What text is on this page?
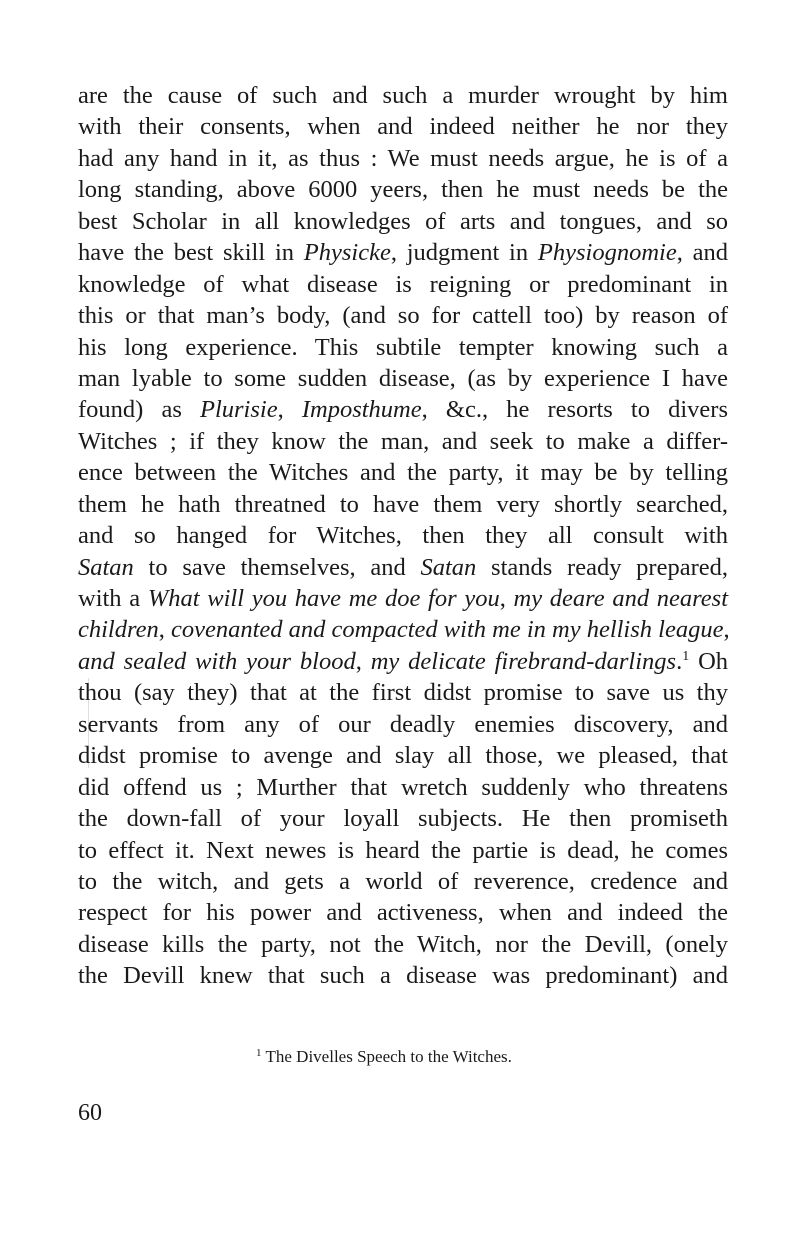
are the cause of such and such a murder wrought by him
with their consents, when and indeed neither he nor they
had any hand in it, as thus : We must needs argue, he is of a
long standing, above 6000 yeers, then he must needs be the
best Scholar in all knowledges of arts and tongues, and so
have the best skill in Physicke, judgment in Physiognomie, and
knowledge of what disease is reigning or predominant in
this or that man’s body, (and so for cattell too) by reason of
his long experience. This subtile tempter knowing such a
man lyable to some sudden disease, (as by experience I have
found) as Plurisie, Imposthume, &c., he resorts to divers
Witches ; if they know the man, and seek to make a differ-
ence between the Witches and the party, it may be by telling
them he hath threatned to have them very shortly searched,
and so hanged for Witches, then they all consult with
Satan to save themselves, and Satan stands ready prepared,
with a What will you have me doe for you, my deare and nearest
children, covenanted and compacted with me in my hellish league,
and sealed with your blood, my delicate firebrand-darlings.$^1$ Oh
thou (say they) that at the first didst promise to save us thy
servants from any of our deadly enemies discovery, and
didst promise to avenge and slay all those, we pleased, that
did offend us ; Murther that wretch suddenly who threatens
the down-fall of your loyall subjects. He then promiseth
to effect it. Next newes is heard the partie is dead, he comes
to the witch, and gets a world of reverence, credence and
respect for his power and activeness, when and indeed the
disease kills the party, not the Witch, nor the Devill, (onely
the Devill knew that such a disease was predominant) and
$^1$ The Divelles Speech to the Witches.
60
